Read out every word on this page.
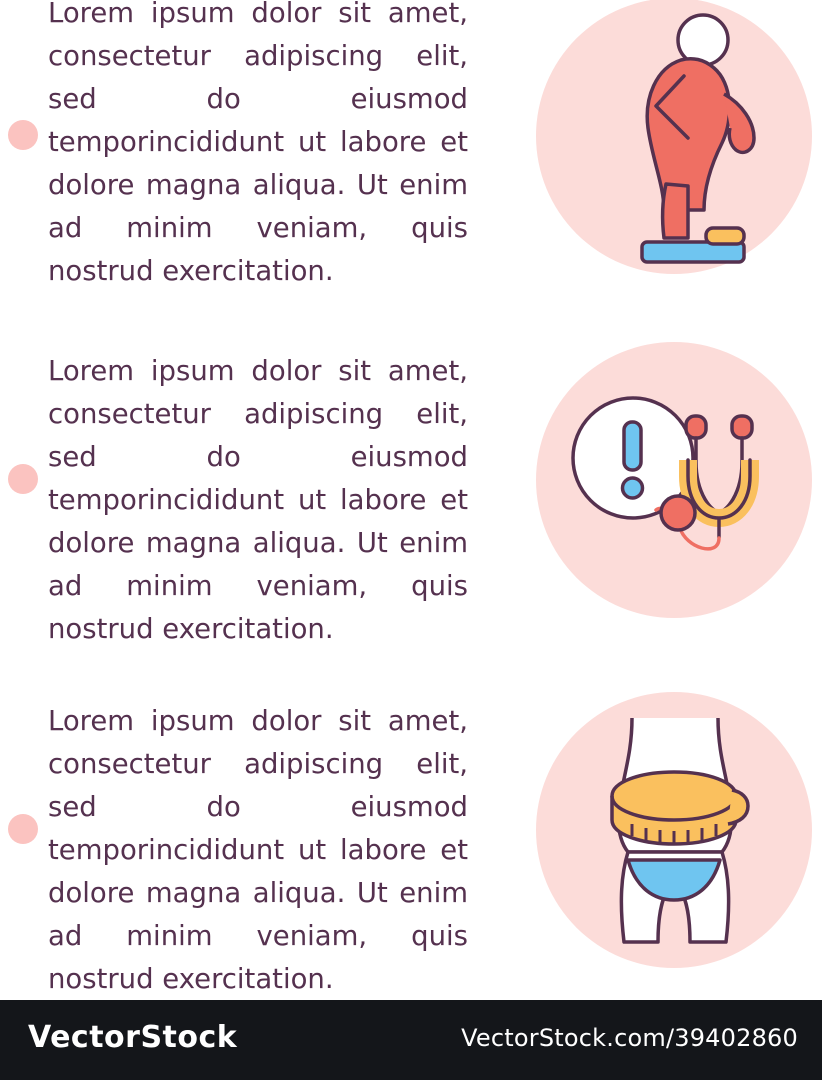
Lorem ipsum dolor sit amet, consectetur adipiscing elit, sed do eiusmod temporincididunt ut labore et dolore magna aliqua. Ut enim ad minim veniam, quis nostrud exercitation.
Lorem ipsum dolor sit amet, consectetur adipiscing elit, sed do eiusmod temporincididunt ut labore et dolore magna aliqua. Ut enim ad minim veniam, quis nostrud exercitation.
Lorem ipsum dolor sit amet, consectetur adipiscing elit, sed do eiusmod temporincididunt ut labore et dolore magna aliqua. Ut enim ad minim veniam, quis nostrud exercitation.
VectorStock	VectorStock.com/39402860
